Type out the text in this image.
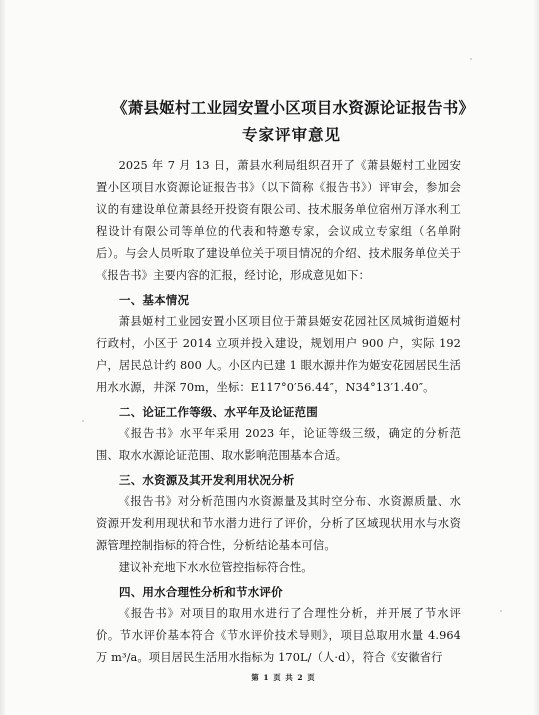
《萧县姬村工业园安置小区项目水资源论证报告书》
专家评审意见

2025 年 7 月 13 日，萧县水利局组织召开了《萧县姬村工业园安置小区项目水资源论证报告书》（以下简称《报告书》）评审会，参加会议的有建设单位萧县经开投资有限公司、技术服务单位宿州万泽水利工程设计有限公司等单位的代表和特邀专家，会议成立专家组（名单附后）。与会人员听取了建设单位关于项目情况的介绍、技术服务单位关于《报告书》主要内容的汇报，经讨论，形成意见如下：

一、基本情况

萧县姬村工业园安置小区项目位于萧县姬安花园社区凤城街道姬村行政村，小区于 2014 立项并投入建设，规划用户 900 户，实际 192 户，居民总计约 800 人。小区内已建 1 眼水源井作为姬安花园居民生活用水水源，井深 70m，坐标：E117°0′56.44″，N34°13′1.40″。

二、论证工作等级、水平年及论证范围

《报告书》水平年采用 2023 年，论证等级三级，确定的分析范围、取水水源论证范围、取水影响范围基本合适。

三、水资源及其开发利用状况分析

《报告书》对分析范围内水资源量及其时空分布、水资源质量、水资源开发利用现状和节水潜力进行了评价，分析了区域现状用水与水资源管理控制指标的符合性，分析结论基本可信。

建议补充地下水水位管控指标符合性。

四、用水合理性分析和节水评价

《报告书》对项目的取用水进行了合理性分析，并开展了节水评价。节水评价基本符合《节水评价技术导则》，项目总取用水量 4.964 万 m³/a。项目居民生活用水指标为 170L/（人·d），符合《安徽省行

第 1 页 共 2 页
